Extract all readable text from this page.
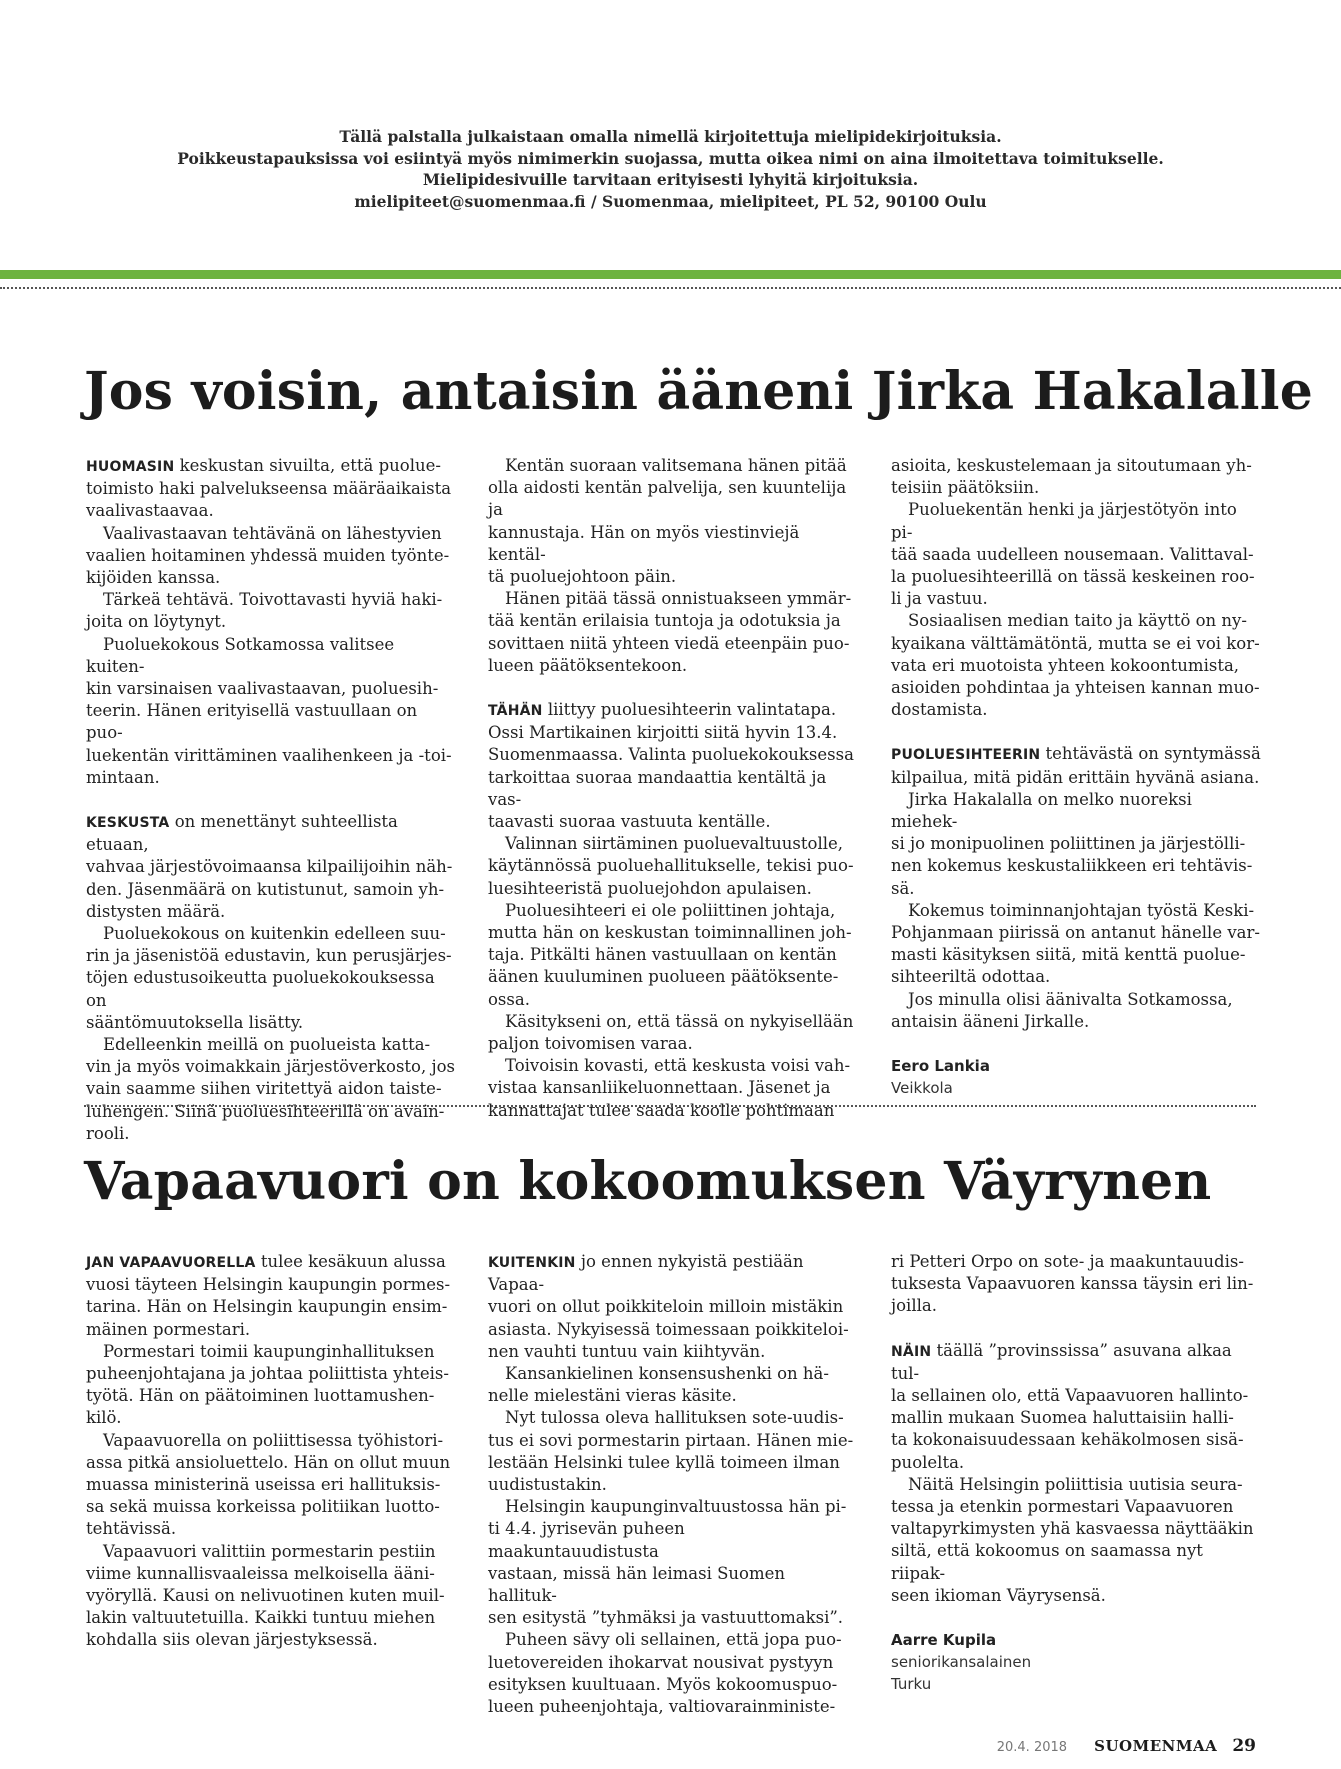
Tällä palstalla julkaistaan omalla nimellä kirjoitettuja mielipidekirjoituksia.
Poikkeustapauksissa voi esiintyä myös nimimerkin suojassa, mutta oikea nimi on aina ilmoitettava toimitukselle.
Mielipidesivuille tarvitaan erityisesti lyhyitä kirjoituksia.
mielipiteet@suomenmaa.fi / Suomenmaa, mielipiteet, PL 52, 90100 Oulu
Jos voisin, antaisin ääneni Jirka Hakalalle

HUOMASIN keskustan sivuilta, että puolue-
toimisto haki palvelukseensa määräaikaista
vaalivastaavaa.

Vaalivastaavan tehtävänä on lähestyvien
vaalien hoitaminen yhdessä muiden työnte-
kijöiden kanssa.

Tärkeä tehtävä. Toivottavasti hyviä haki-
joita on löytynyt.

Puoluekokous Sotkamossa valitsee kuiten-
kin varsinaisen vaalivastaavan, puoluesih-
teerin. Hänen erityisellä vastuullaan on puo-
luekentän virittäminen vaalihenkeen ja -toi-
mintaan.

KESKUSTA on menettänyt suhteellista etuaan,
vahvaa järjestövoimaansa kilpailijoihin näh-
den. Jäsenmäärä on kutistunut, samoin yh-
distysten määrä.

Puoluekokous on kuitenkin edelleen suu-
rin ja jäsenistöä edustavin, kun perusjärjes-
töjen edustusoikeutta puoluekokouksessa on
sääntömuutoksella lisätty.

Edelleenkin meillä on puolueista katta-
vin ja myös voimakkain järjestöverkosto, jos
vain saamme siihen viritettyä aidon taiste-
luhengen. Siinä puoluesihteerillä on avain-
rooli.

Kentän suoraan valitsemana hänen pitää
olla aidosti kentän palvelija, sen kuuntelija ja
kannustaja. Hän on myös viestinviejä kentäl-
tä puoluejohtoon päin.

Hänen pitää tässä onnistuakseen ymmär-
tää kentän erilaisia tuntoja ja odotuksia ja
sovittaen niitä yhteen viedä eteenpäin puo-
lueen päätöksentekoon.

TÄHÄN liittyy puoluesihteerin valintatapa.
Ossi Martikainen kirjoitti siitä hyvin 13.4.
Suomenmaassa. Valinta puoluekokouksessa
tarkoittaa suoraa mandaattia kentältä ja vas-
taavasti suoraa vastuuta kentälle.

Valinnan siirtäminen puoluevaltuustolle,
käytännössä puoluehallitukselle, tekisi puo-
luesihteeristä puoluejohdon apulaisen.

Puoluesihteeri ei ole poliittinen johtaja,
mutta hän on keskustan toiminnallinen joh-
taja. Pitkälti hänen vastuullaan on kentän
äänen kuuluminen puolueen päätöksente-
ossa.

Käsitykseni on, että tässä on nykyisellään
paljon toivomisen varaa.

Toivoisin kovasti, että keskusta voisi vah-
vistaa kansanliikeluonnettaan. Jäsenet ja
kannattajat tulee saada koolle pohtimaan

asioita, keskustelemaan ja sitoutumaan yh-
teisiin päätöksiin.

Puoluekentän henki ja järjestötyön into pi-
tää saada uudelleen nousemaan. Valittaval-
la puoluesihteerillä on tässä keskeinen roo-
li ja vastuu.

Sosiaalisen median taito ja käyttö on ny-
kyaikana välttämätöntä, mutta se ei voi kor-
vata eri muotoista yhteen kokoontumista,
asioiden pohdintaa ja yhteisen kannan muo-
dostamista.

PUOLUESIHTEERIN tehtävästä on syntymässä
kilpailua, mitä pidän erittäin hyvänä asiana.

Jirka Hakalalla on melko nuoreksi miehek-
si jo monipuolinen poliittinen ja järjestölli-
nen kokemus keskustaliikkeen eri tehtävis-
sä.

Kokemus toiminnanjohtajan työstä Keski-
Pohjanmaan piirissä on antanut hänelle var-
masti käsityksen siitä, mitä kenttä puolue-
sihteeriltä odottaa.

Jos minulla olisi äänivalta Sotkamossa,
antaisin ääneni Jirkalle.

Eero Lankia

Veikkola

Vapaavuori on kokoomuksen Väyrynen

JAN VAPAAVUORELLA tulee kesäkuun alussa
vuosi täyteen Helsingin kaupungin pormes-
tarina. Hän on Helsingin kaupungin ensim-
mäinen pormestari.

Pormestari toimii kaupunginhallituksen
puheenjohtajana ja johtaa poliittista yhteis-
työtä. Hän on päätoiminen luottamushen-
kilö.

Vapaavuorella on poliittisessa työhistori-
assa pitkä ansioluettelo. Hän on ollut muun
muassa ministerinä useissa eri hallituksis-
sa sekä muissa korkeissa politiikan luotto-
tehtävissä.

Vapaavuori valittiin pormestarin pestiin
viime kunnallisvaaleissa melkoisella ääni-
vyöryllä. Kausi on nelivuotinen kuten muil-
lakin valtuutetuilla. Kaikki tuntuu miehen
kohdalla siis olevan järjestyksessä.

KUITENKIN jo ennen nykyistä pestiään Vapaa-
vuori on ollut poikkiteloin milloin mistäkin
asiasta. Nykyisessä toimessaan poikkiteloi-
nen vauhti tuntuu vain kiihtyvän.

Kansankielinen konsensushenki on hä-
nelle mielestäni vieras käsite.

Nyt tulossa oleva hallituksen sote-uudis-
tus ei sovi pormestarin pirtaan. Hänen mie-
lestään Helsinki tulee kyllä toimeen ilman
uudistustakin.

Helsingin kaupunginvaltuustossa hän pi-
ti 4.4. jyrisevän puheen maakuntauudistusta
vastaan, missä hän leimasi Suomen hallituk-
sen esitystä ”tyhmäksi ja vastuuttomaksi”.

Puheen sävy oli sellainen, että jopa puo-
luetovereiden ihokarvat nousivat pystyyn
esityksen kuultuaan. Myös kokoomuspuo-
lueen puheenjohtaja, valtiovarainministe-

ri Petteri Orpo on sote- ja maakuntauudis-
tuksesta Vapaavuoren kanssa täysin eri lin-
joilla.

NÄIN täällä ”provinssissa” asuvana alkaa tul-
la sellainen olo, että Vapaavuoren hallinto-
mallin mukaan Suomea haluttaisiin halli-
ta kokonaisuudessaan kehäkolmosen sisä-
puolelta.

Näitä Helsingin poliittisia uutisia seura-
tessa ja etenkin pormestari Vapaavuoren
valtapyrkimysten yhä kasvaessa näyttääkin
siltä, että kokoomus on saamassa nyt riipak-
seen ikioman Väyrysensä.

Aarre Kupila

seniorikansalainen

Turku

20.4. 2018 SUOMENMAA 29
